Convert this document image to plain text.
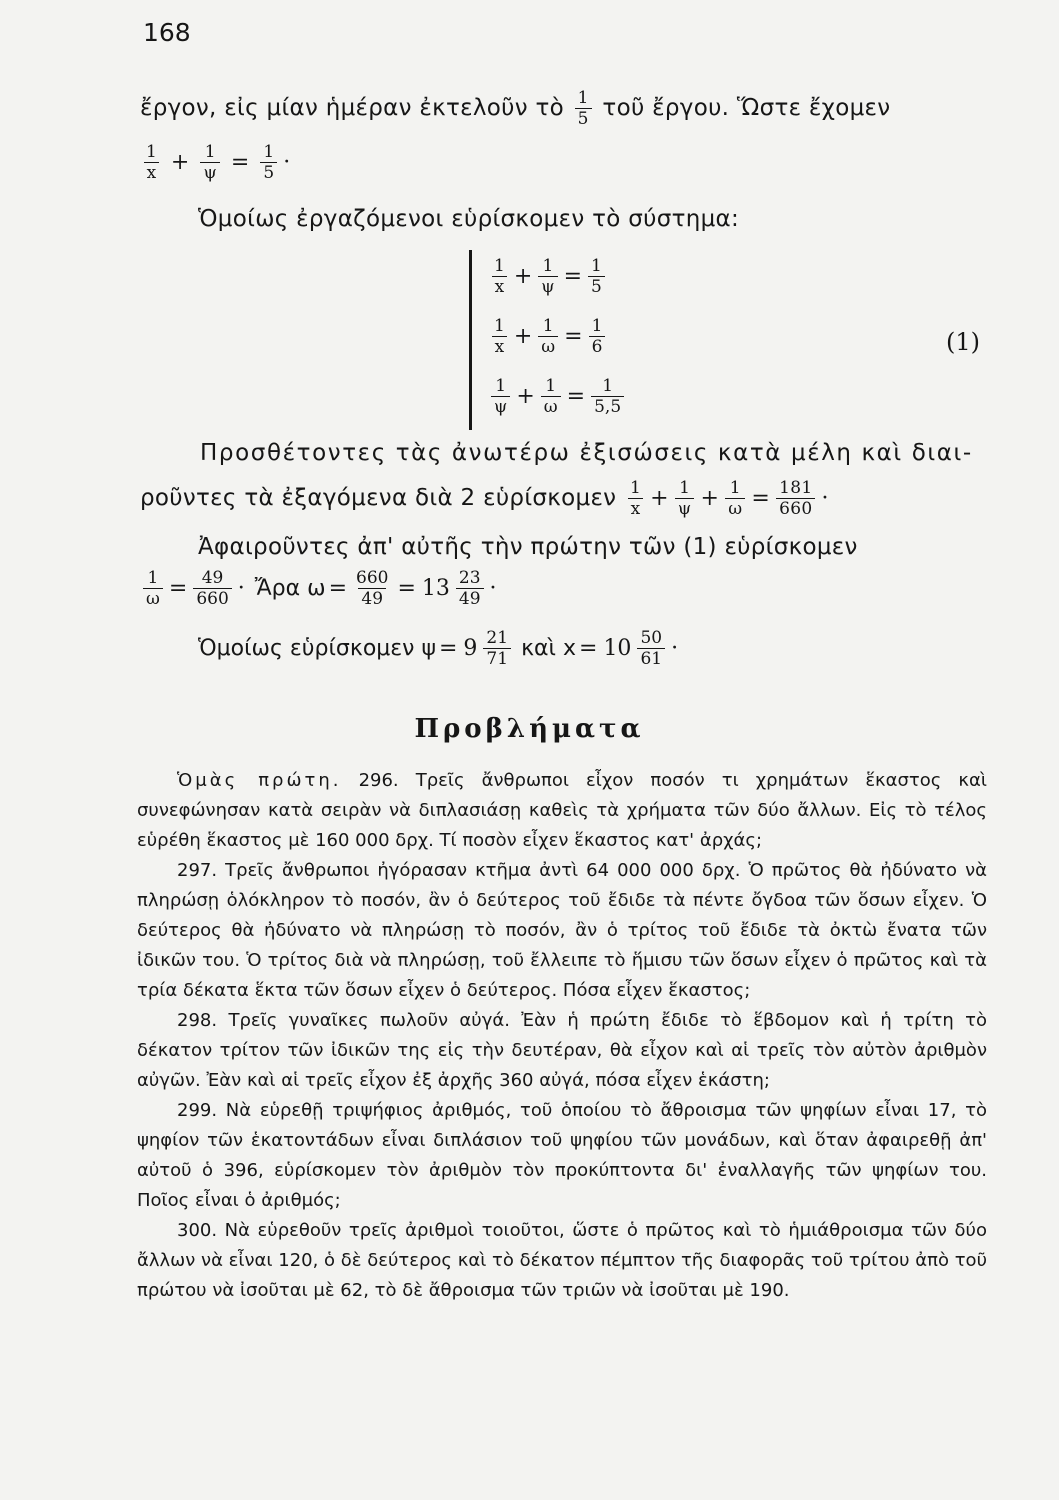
168
ἔργον, εἰς μίαν ἡμέραν ἐκτελοῦν τὸ $\frac{1}{5}$ τοῦ ἔργου. Ὥστε ἔχομεν
$\frac{1}{x} + \frac{1}{\psi} = \frac{1}{5}$ ·
Ὁμοίως ἐργαζόμενοι εὑρίσκομεν τὸ σύστημα:
$\frac{1}{x} + \frac{1}{\psi} = \frac{1}{5}$
$\frac{1}{x} + \frac{1}{\omega} = \frac{1}{6}$
$\frac{1}{\psi} + \frac{1}{\omega} = \frac{1}{5,5}$
(1)
Προσθέτοντες τὰς ἀνωτέρω ἐξισώσεις κατὰ μέλη καὶ διαι-
ροῦντες τὰ ἐξαγόμενα διὰ 2 εὑρίσκομεν $\frac{1}{x} + \frac{1}{\psi} + \frac{1}{\omega} = \frac{181}{660}$ ·
Ἀφαιροῦντες ἀπ' αὐτῆς τὴν πρώτην τῶν (1) εὑρίσκομεν
$\frac{1}{\omega} = \frac{49}{660}$ · Ἄρα $\omega = \frac{660}{49} = 13 \frac{23}{49}$ ·
Ὁμοίως εὑρίσκομεν $\psi = 9 \frac{21}{71}$ καὶ $x = 10 \frac{50}{61}$ ·
Προβλήματα

Ὁμὰς πρώτη. 296. Τρεῖς ἄνθρωποι εἶχον ποσόν τι χρημάτων ἕκαστος καὶ συνεφώνησαν κατὰ σειρὰν νὰ διπλασιάσῃ καθεὶς τὰ χρήματα τῶν δύο ἄλλων. Εἰς τὸ τέλος εὑρέθη ἕκαστος μὲ 160 000 δρχ. Τί ποσὸν εἶχεν ἕκαστος κατ' ἀρχάς;

297. Τρεῖς ἄνθρωποι ἠγόρασαν κτῆμα ἀντὶ 64 000 000 δρχ. Ὁ πρῶτος θὰ ἠδύνατο νὰ πληρώσῃ ὁλόκληρον τὸ ποσόν, ἂν ὁ δεύτερος τοῦ ἔδιδε τὰ πέντε ὄγδοα τῶν ὅσων εἶχεν. Ὁ δεύτερος θὰ ἠδύνατο νὰ πληρώσῃ τὸ ποσόν, ἂν ὁ τρίτος τοῦ ἔδιδε τὰ ὀκτὼ ἔνατα τῶν ἰδικῶν του. Ὁ τρίτος διὰ νὰ πληρώσῃ, τοῦ ἔλλειπε τὸ ἥμισυ τῶν ὅσων εἶχεν ὁ πρῶτος καὶ τὰ τρία δέκατα ἕκτα τῶν ὅσων εἶχεν ὁ δεύτερος. Πόσα εἶχεν ἕκαστος;

298. Τρεῖς γυναῖκες πωλοῦν αὐγά. Ἐὰν ἡ πρώτη ἔδιδε τὸ ἕβδομον καὶ ἡ τρίτη τὸ δέκατον τρίτον τῶν ἰδικῶν της εἰς τὴν δευτέραν, θὰ εἶχον καὶ αἱ τρεῖς τὸν αὐτὸν ἀριθμὸν αὐγῶν. Ἐὰν καὶ αἱ τρεῖς εἶχον ἐξ ἀρχῆς 360 αὐγά, πόσα εἶχεν ἑκάστη;

299. Νὰ εὑρεθῇ τριψήφιος ἀριθμός, τοῦ ὁποίου τὸ ἄθροισμα τῶν ψηφίων εἶναι 17, τὸ ψηφίον τῶν ἑκατοντάδων εἶναι διπλάσιον τοῦ ψηφίου τῶν μονάδων, καὶ ὅταν ἀφαιρεθῇ ἀπ' αὐτοῦ ὁ 396, εὑρίσκομεν τὸν ἀριθμὸν τὸν προκύπτοντα δι' ἐναλλαγῆς τῶν ψηφίων του. Ποῖος εἶναι ὁ ἀριθμός;

300. Νὰ εὑρεθοῦν τρεῖς ἀριθμοὶ τοιοῦτοι, ὥστε ὁ πρῶτος καὶ τὸ ἡμιάθροισμα τῶν δύο ἄλλων νὰ εἶναι 120, ὁ δὲ δεύτερος καὶ τὸ δέκατον πέμπτον τῆς διαφορᾶς τοῦ τρίτου ἀπὸ τοῦ πρώτου νὰ ἰσοῦται μὲ 62, τὸ δὲ ἄθροισμα τῶν τριῶν νὰ ἰσοῦται μὲ 190.
